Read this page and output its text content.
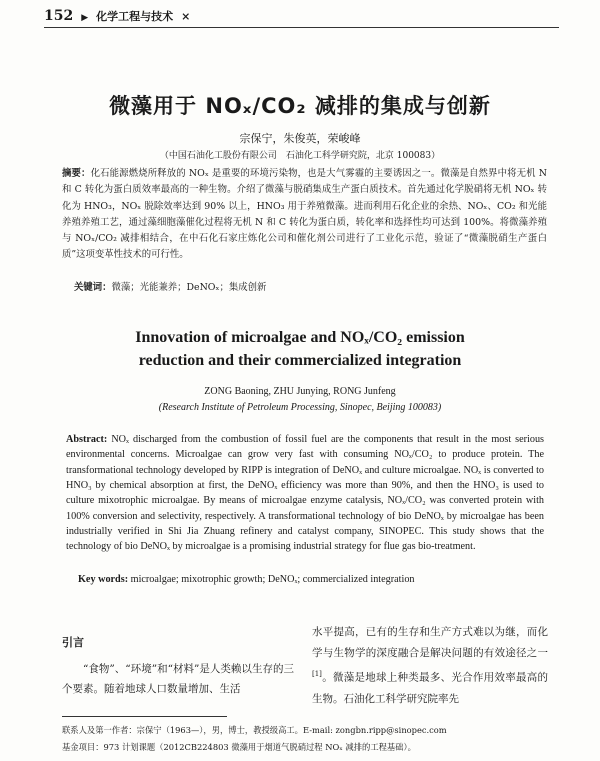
152 ▶ 化学工程与技术 ×
微藻用于 NOₓ/CO₂ 减排的集成与创新
宗保宁，朱俊英，荣峻峰
（中国石油化工股份有限公司　石油化工科学研究院，北京 100083）
摘要：化石能源燃烧所释放的 NOₓ 是重要的环境污染物，也是大气雾霾的主要诱因之一。微藻是自然界中将无机 N 和 C 转化为蛋白质效率最高的一种生物。介绍了微藻与脱硝集成生产蛋白质技术。首先通过化学脱硝将无机 NOₓ 转化为 HNO₃，NOₓ 脱除效率达到 90% 以上，HNO₃ 用于养殖微藻。进而利用石化企业的余热、NOₓ、CO₂ 和光能养殖养殖工艺，通过藻细胞藻催化过程将无机 N 和 C 转化为蛋白质，转化率和选择性均可达到 100%。将微藻养殖与 NOₓ/CO₂ 减排相结合，在中石化石家庄炼化公司和催化剂公司进行了工业化示范，验证了“微藻脱硝生产蛋白质”这项变革性技术的可行性。
关键词：微藻；光能兼养；DeNOₓ；集成创新
Innovation of microalgae and NOₓ/CO₂ emission
reduction and their commercialized integration
ZONG Baoning, ZHU Junying, RONG Junfeng
(Research Institute of Petroleum Processing, Sinopec, Beijing 100083)
Abstract: NOₓ discharged from the combustion of fossil fuel are the components that result in the most serious environmental concerns. Microalgae can grow very fast with consuming NOₓ/CO₂ to produce protein. The transformational technology developed by RIPP is integration of DeNOₓ and culture microalgae. NOₓ is converted to HNO₃ by chemical absorption at first, the DeNOₓ efficiency was more than 90%, and then the HNO₃ is used to culture mixotrophic microalgae. By means of microalgae enzyme catalysis, NOₓ/CO₂ was converted protein with 100% conversion and selectivity, respectively. A transformational technology of bio DeNOₓ by microalgae has been industrially verified in Shi Jia Zhuang refinery and catalyst company, SINOPEC. This study shows that the technology of bio DeNOₓ by microalgae is a promising industrial strategy for flue gas bio-treatment.
Key words: microalgae; mixotrophic growth; DeNOₓ; commercialized integration
引言
“食物”、“环境”和“材料”是人类赖以生存的三个要素。随着地球人口数量增加、生活
水平提高，已有的生存和生产方式难以为继，而化学与生物学的深度融合是解决问题的有效途径之一[1]。微藻是地球上种类最多、光合作用效率最高的生物。石油化工科学研究院率先
联系人及第一作者：宗保宁（1963—），男，博士，教授级高工。E-mail: zongbn.ripp@sinopec.com
基金项目：973 计划课题（2012CB224803 微藻用于烟道气脱硝过程 NOₓ 减排的工程基础）。
